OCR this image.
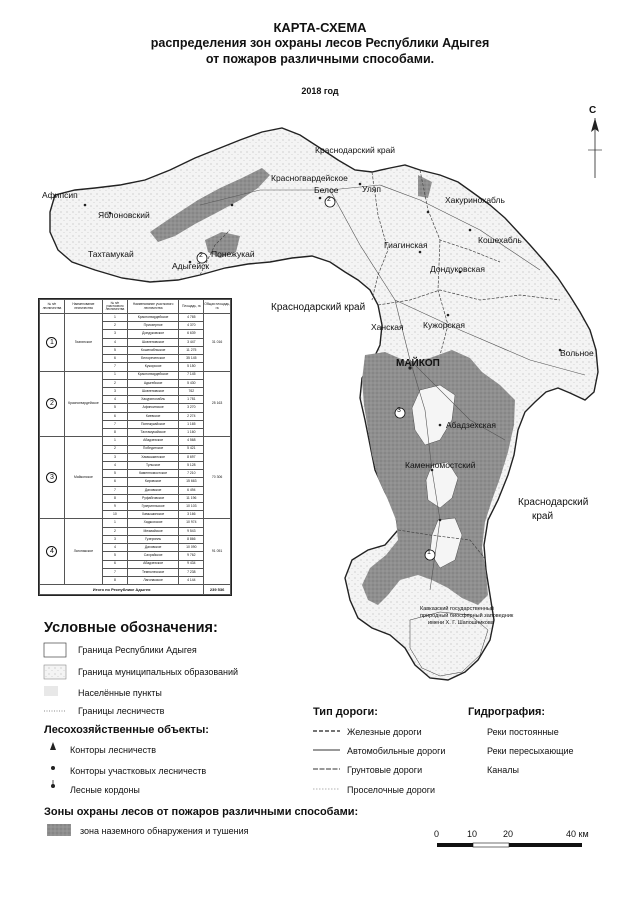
КАРТА-СХЕМА
распределения зон охраны лесов Республики Адыгея
от пожаров различными способами.
2018 год
Краснодарский край
Красногвардейское
Белое	Уляп
Афипсип
Яблоновский
Тахтамукай	Понежукай
Адыгейск
Хакуринохабль
Кошехабль
Гиагинская
Дондуковская
Краснодарский край
Ханская Кужорская
Вольное
МАЙКОП
Абадзехская
Каменномостский
Краснодарский
край
Кавказский государственный
природный биосферный заповедник
имени Х. Г. Шапошникова
2
2
3
1
С
№ п/п лесничества	Наименование лесничества	№ п/п участкового лесничества	Наименование участкового лесничества	Площадь, га	Общая площадь, га
1	Гиагинское	1	Красногвардейское	4 765	31 016
		2	Приозерное	4 370	
		3	Дондуковское	6 639	
		4	Шовгеновское	3 447	
		5	Кошехабльское	11 275	
		6	Белореченское	35 145	
		7	Кужорское	5 150	
2	Красногвардейское	1	Красногвардейское	7 145	25 163
		2	Адыгейское	5 430	
		3	Шовгеновское	762	
		4	Хакуринохабль	1 781	
		5	Афипсипское	3 270	
		6	Киевское	2 274	
		7	Понежукайское	1 165	
		8	Тахтамукайское	1 160	
3	Майкопское	1	Абадзехское	4 568	70 306
		2	Победитское	5 421	
		3	Хамышкинское	8 697	
		4	Тульское	5 128	
		5	Каменномостское	7 210	
		6	Кировское	15 663	
		7	Даховское	6 494	
		8	Руфабговское	11 196	
		9	Гузерипльское	10 103	
		10	Хамышинское	3 166	
4	Лагонакское	1	Хаджохское	10 974	91 051
		2	Мезмайское	9 543	
		3	Гузерипль	8 866	
		4	Даховское	10 090	
		5	Сахрайское	9 762	
		6	Абадзехское	9 434	
		7	Темнолесское	7 238	
		8	Лагонакское	4 144	
Итого по Республике Адыгея					239 536
Условные обозначения:
Граница Республики Адыгея
Граница муниципальных образований
Населённые пункты
Границы лесничеств
Лесохозяйственные объекты:
Конторы лесничеств
Конторы участковых лесничеств
Лесные кордоны
Тип дороги:
Железные дороги
Автомобильные дороги
Грунтовые дороги
Проселочные дороги
Гидрография:
Реки постоянные
Реки пересыхающие
Каналы
Зоны охраны лесов от пожаров различными способами:
зона наземного обнаружения и тушения	0	10	20	40 км
